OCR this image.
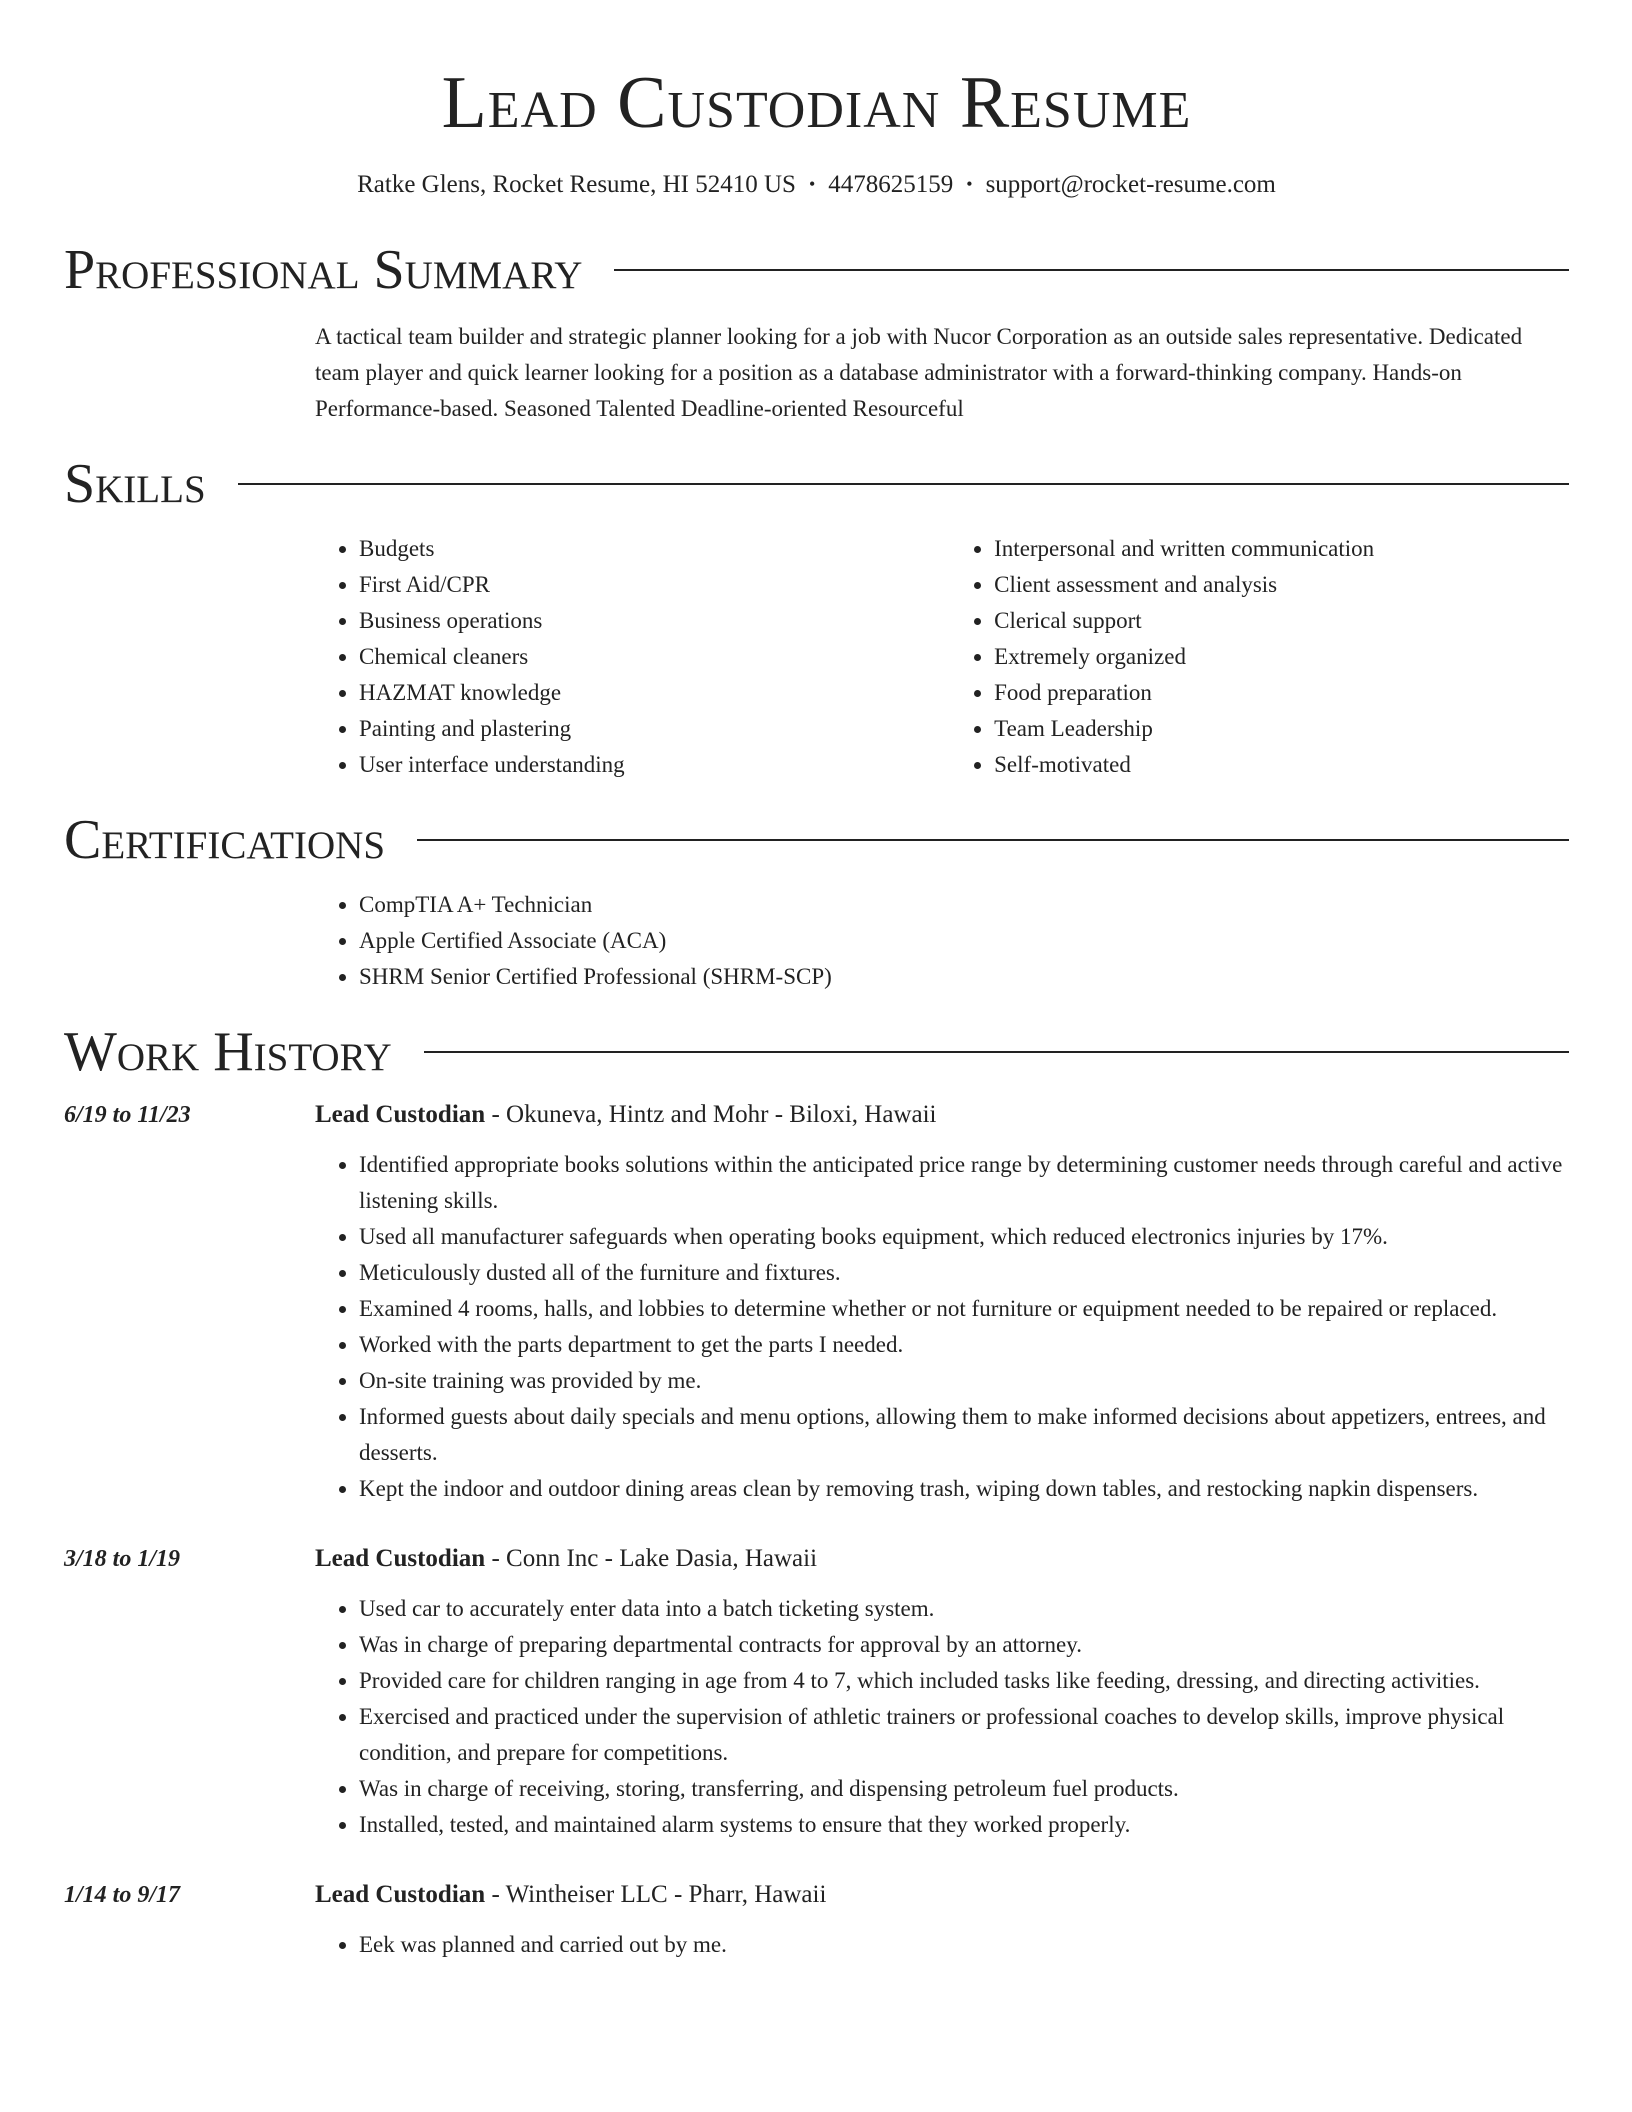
Lead Custodian Resume
Ratke Glens, Rocket Resume, HI 52410 US • 4478625159 • support@rocket-resume.com
Professional Summary
A tactical team builder and strategic planner looking for a job with Nucor Corporation as an outside sales representative. Dedicated team player and quick learner looking for a position as a database administrator with a forward-thinking company. Hands-on Performance-based. Seasoned Talented Deadline-oriented Resourceful
Skills
• Budgets
• First Aid/CPR
• Business operations
• Chemical cleaners
• HAZMAT knowledge
• Painting and plastering
• User interface understanding
• Interpersonal and written communication
• Client assessment and analysis
• Clerical support
• Extremely organized
• Food preparation
• Team Leadership
• Self-motivated
Certifications
• CompTIA A+ Technician
• Apple Certified Associate (ACA)
• SHRM Senior Certified Professional (SHRM-SCP)
Work History
6/19 to 11/23	Lead Custodian - Okuneva, Hintz and Mohr - Biloxi, Hawaii
• Identified appropriate books solutions within the anticipated price range by determining customer needs through careful and active listening skills.
• Used all manufacturer safeguards when operating books equipment, which reduced electronics injuries by 17%.
• Meticulously dusted all of the furniture and fixtures.
• Examined 4 rooms, halls, and lobbies to determine whether or not furniture or equipment needed to be repaired or replaced.
• Worked with the parts department to get the parts I needed.
• On-site training was provided by me.
• Informed guests about daily specials and menu options, allowing them to make informed decisions about appetizers, entrees, and desserts.
• Kept the indoor and outdoor dining areas clean by removing trash, wiping down tables, and restocking napkin dispensers.
3/18 to 1/19	Lead Custodian - Conn Inc - Lake Dasia, Hawaii
• Used car to accurately enter data into a batch ticketing system.
• Was in charge of preparing departmental contracts for approval by an attorney.
• Provided care for children ranging in age from 4 to 7, which included tasks like feeding, dressing, and directing activities.
• Exercised and practiced under the supervision of athletic trainers or professional coaches to develop skills, improve physical condition, and prepare for competitions.
• Was in charge of receiving, storing, transferring, and dispensing petroleum fuel products.
• Installed, tested, and maintained alarm systems to ensure that they worked properly.
1/14 to 9/17	Lead Custodian - Wintheiser LLC - Pharr, Hawaii
• Eek was planned and carried out by me.
